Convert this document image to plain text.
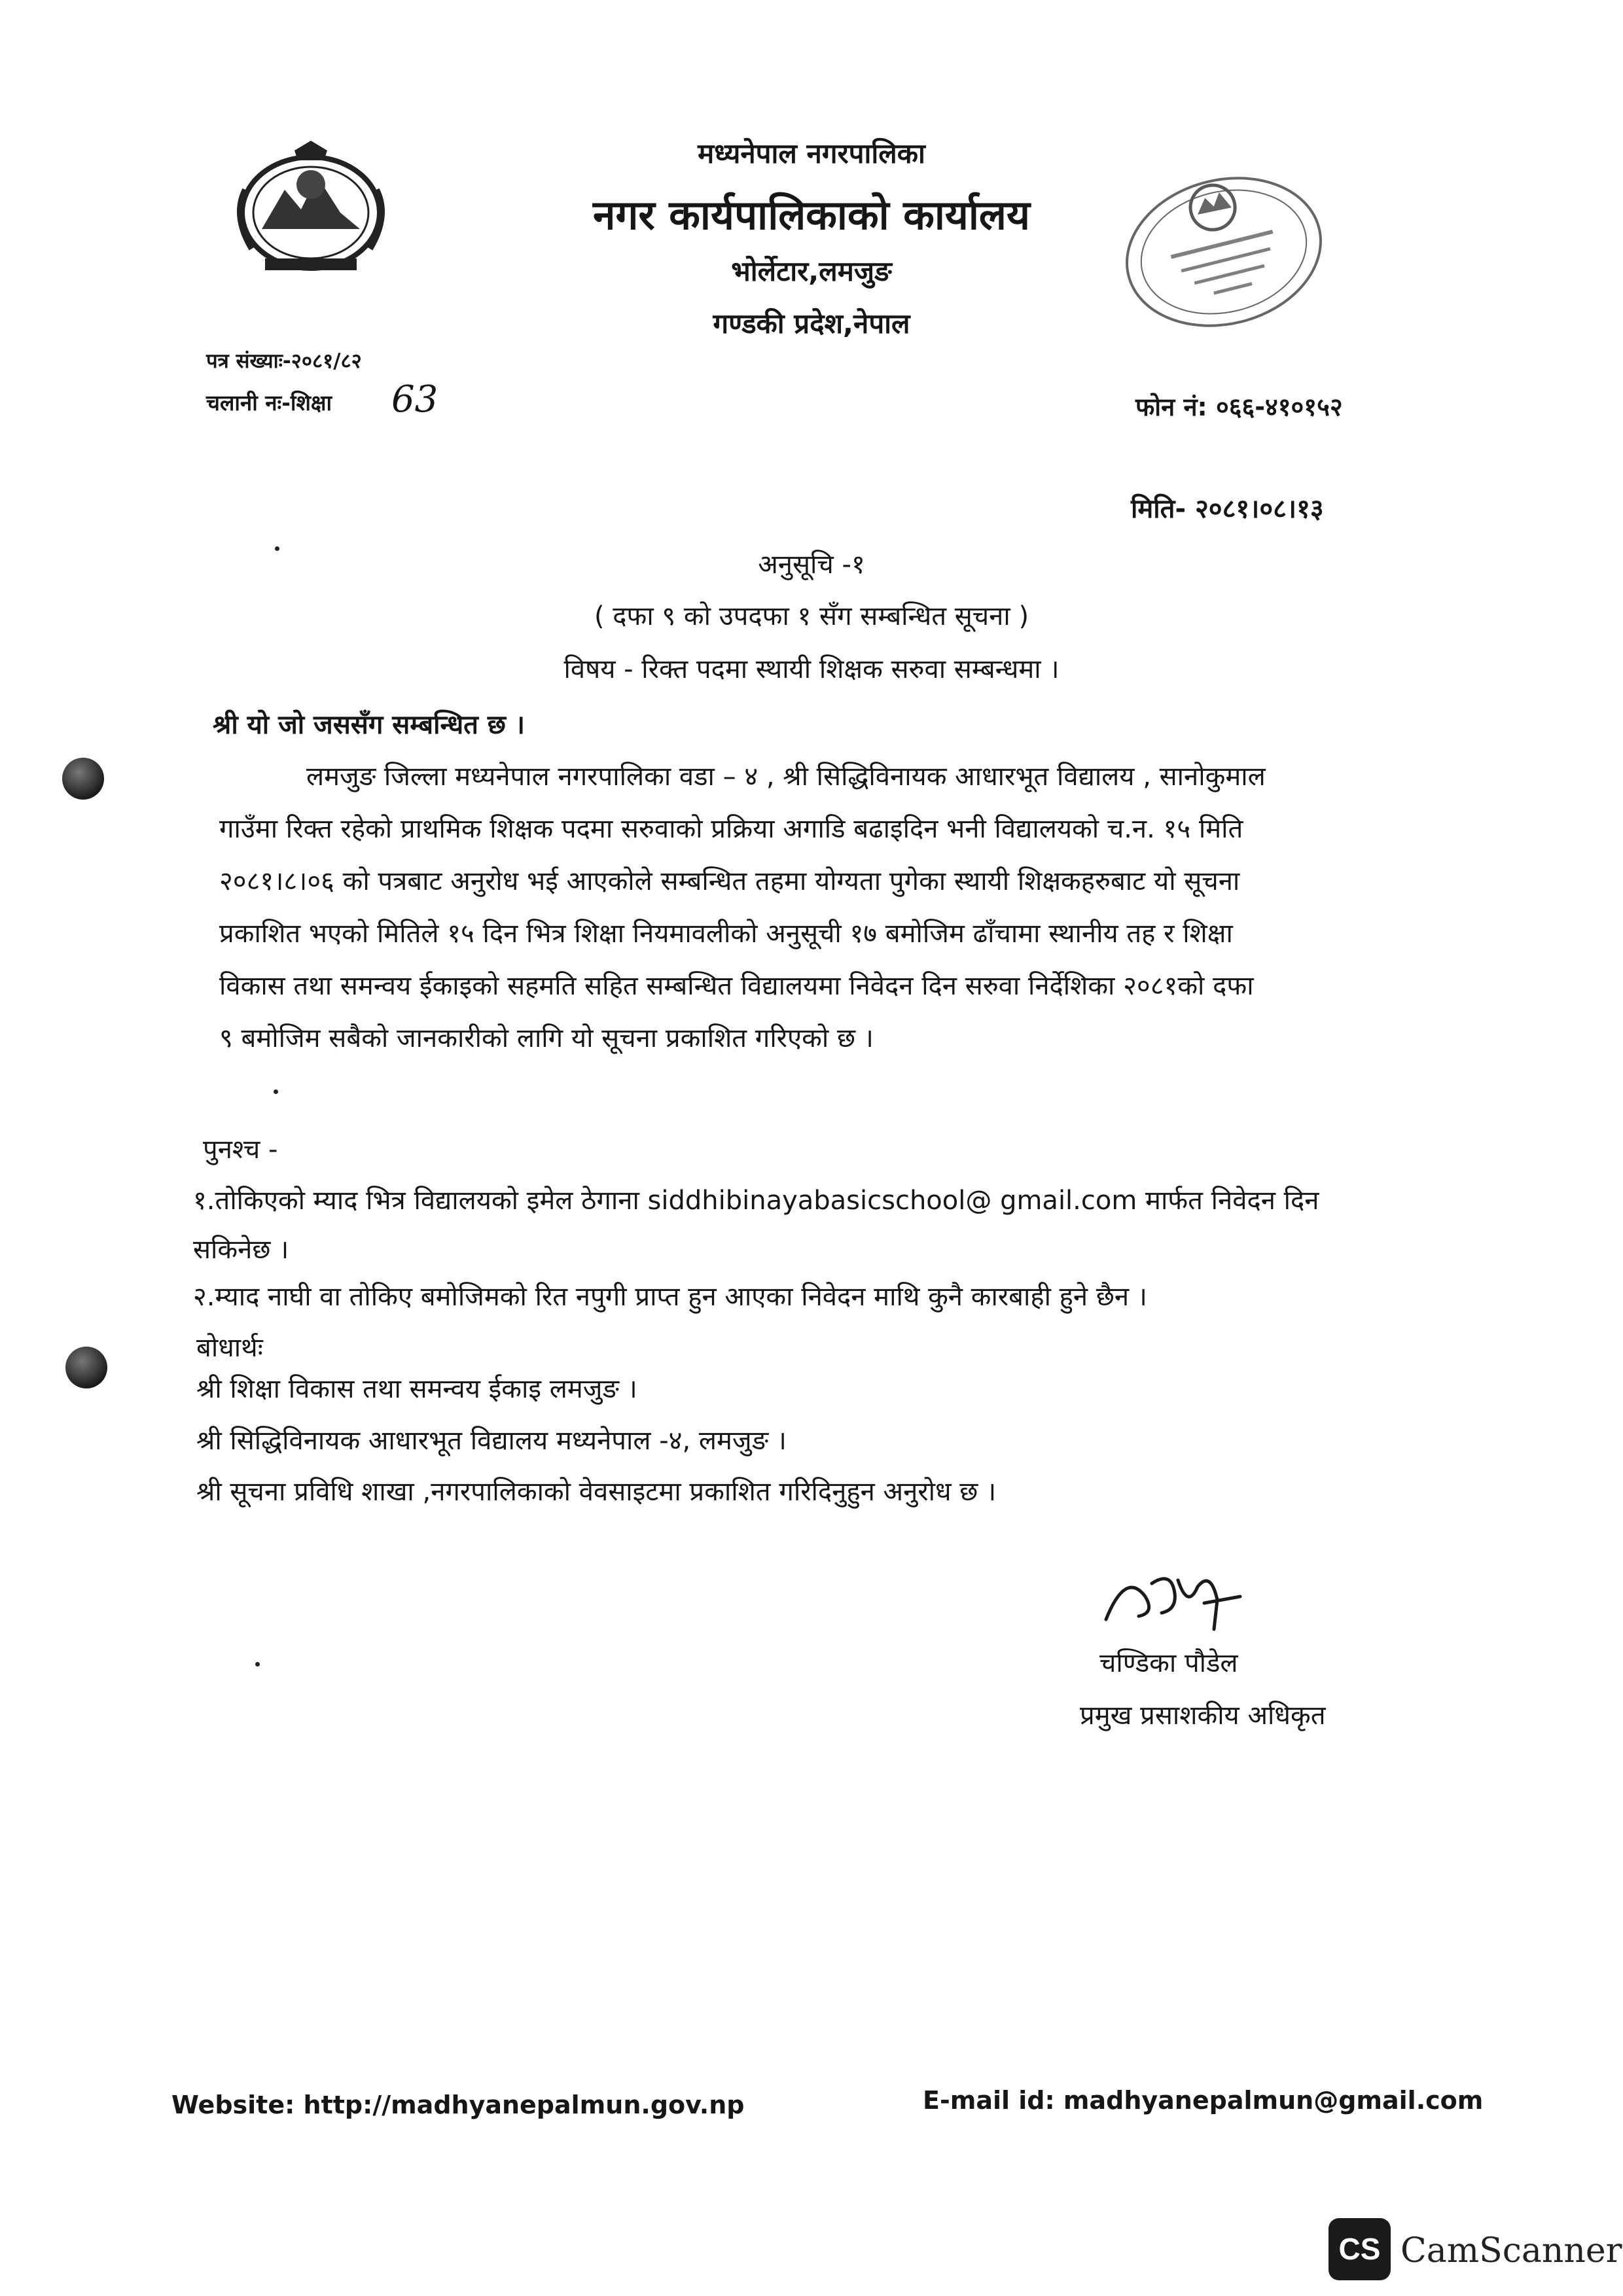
मध्यनेपाल नगरपालिका
नगर कार्यपालिकाको कार्यालय
भोर्लेटार,लमजुङ
गण्डकी प्रदेश,नेपाल
पत्र संख्याः-२०८१/८२
चलानी नः-शिक्षा 63	फोन नं: ०६६-४१०१५२
मिति- २०८१।०८।१३
अनुसूचि -१
( दफा ९ को उपदफा १ सँग सम्बन्धित सूचना )
विषय - रिक्त पदमा स्थायी शिक्षक सरुवा सम्बन्धमा ।
श्री यो जो जससँग सम्बन्धित छ ।
लमजुङ जिल्ला मध्यनेपाल नगरपालिका वडा – ४ , श्री सिद्धिविनायक आधारभूत विद्यालय , सानोकुमाल
गाउँमा रिक्त रहेको प्राथमिक शिक्षक पदमा सरुवाको प्रक्रिया अगाडि बढाइदिन भनी विद्यालयको च.न. १५ मिति
२०८१।८।०६ को पत्रबाट अनुरोध भई आएकोले सम्बन्धित तहमा योग्यता पुगेका स्थायी शिक्षकहरुबाट यो सूचना
प्रकाशित भएको मितिले १५ दिन भित्र शिक्षा नियमावलीको अनुसूची १७ बमोजिम ढाँचामा स्थानीय तह र शिक्षा
विकास तथा समन्वय ईकाइको सहमति सहित सम्बन्धित विद्यालयमा निवेदन दिन सरुवा निर्देशिका २०८१को दफा
९ बमोजिम सबैको जानकारीको लागि यो सूचना प्रकाशित गरिएको छ ।
पुनश्च -
१.तोकिएको म्याद भित्र विद्यालयको इमेल ठेगाना siddhibinayabasicschool@ gmail.com मार्फत निवेदन दिन
सकिनेछ ।
२.म्याद नाघी वा तोकिए बमोजिमको रित नपुगी प्राप्त हुन आएका निवेदन माथि कुनै कारबाही हुने छैन ।
बोधार्थः
श्री शिक्षा विकास तथा समन्वय ईकाइ लमजुङ ।
श्री सिद्धिविनायक आधारभूत विद्यालय मध्यनेपाल -४, लमजुङ ।
श्री सूचना प्रविधि शाखा ,नगरपालिकाको वेवसाइटमा प्रकाशित गरिदिनुहुन अनुरोध छ ।
चण्डिका पौडेल
प्रमुख प्रसाशकीय अधिकृत
Website: http://madhyanepalmun.gov.np	E-mail id: madhyanepalmun@gmail.com
CS CamScanner
